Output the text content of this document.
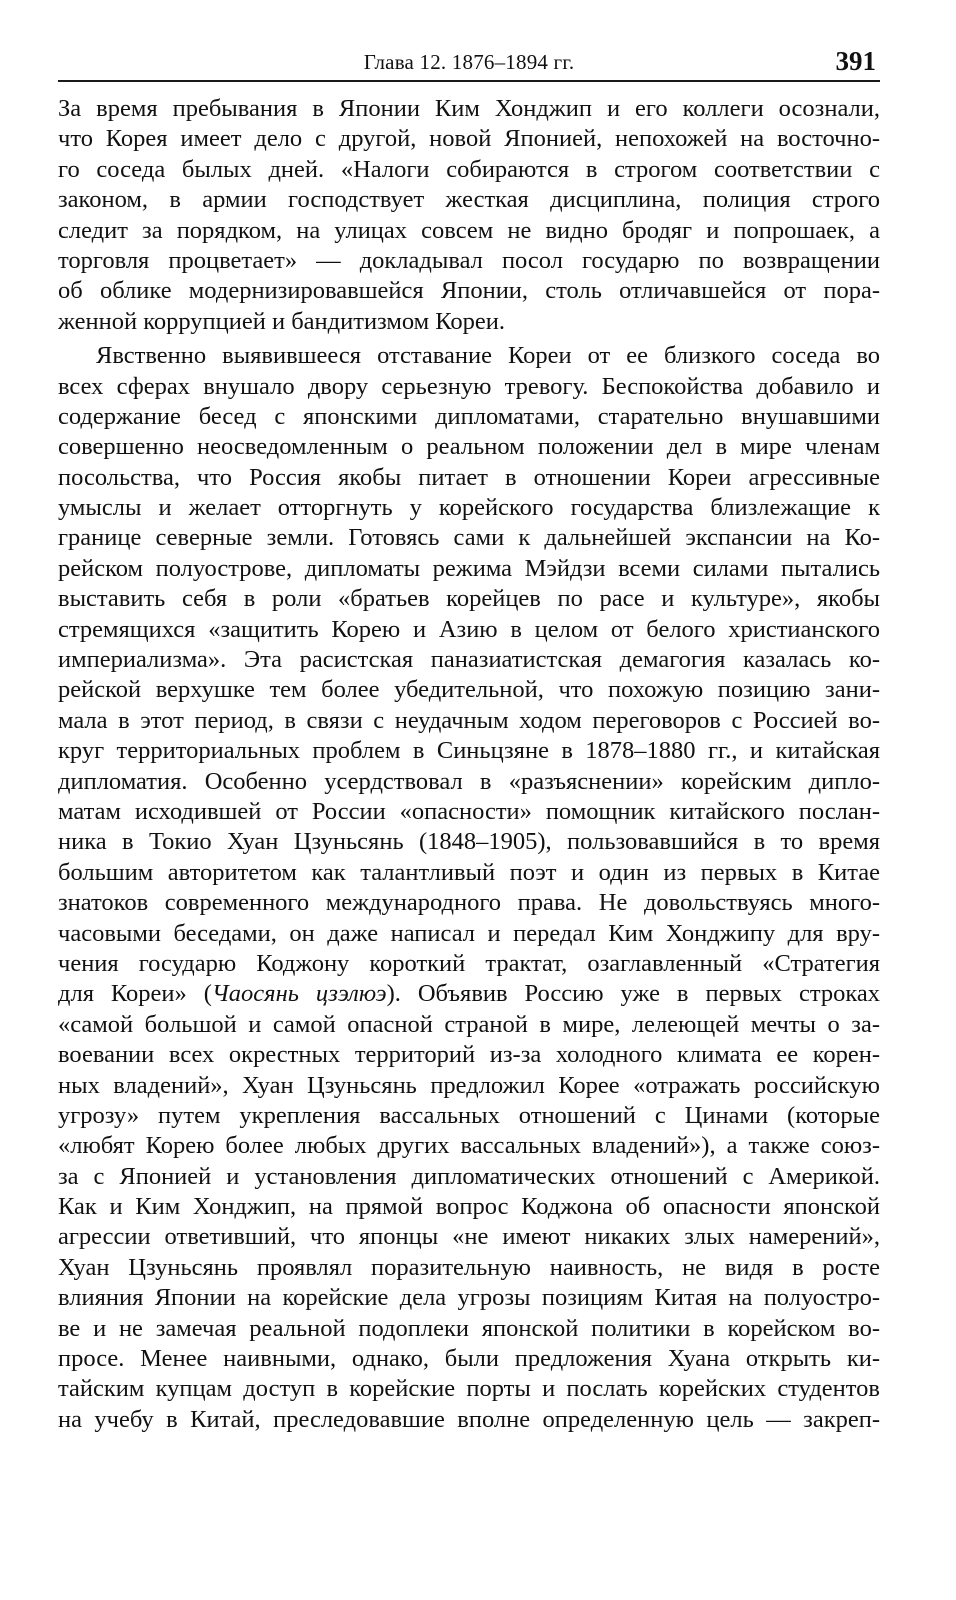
Глава 12. 1876–1894 гг.	391

За время пребывания в Японии Ким Хонджип и его коллеги осознали,
что Корея имеет дело с другой, новой Японией, непохожей на восточно-
го соседа былых дней. «Налоги собираются в строгом соответствии с
законом, в армии господствует жесткая дисциплина, полиция строго
следит за порядком, на улицах совсем не видно бродяг и попрошаек, а
торговля процветает» — докладывал посол государю по возвращении
об облике модернизировавшейся Японии, столь отличавшейся от пора-
женной коррупцией и бандитизмом Кореи.

Явственно выявившееся отставание Кореи от ее близкого соседа во
всех сферах внушало двору серьезную тревогу. Беспокойства добавило и
содержание бесед с японскими дипломатами, старательно внушавшими
совершенно неосведомленным о реальном положении дел в мире членам
посольства, что Россия якобы питает в отношении Кореи агрессивные
умыслы и желает отторгнуть у корейского государства близлежащие к
границе северные земли. Готовясь сами к дальнейшей экспансии на Ко-
рейском полуострове, дипломаты режима Мэйдзи всеми силами пытались
выставить себя в роли «братьев корейцев по расе и культуре», якобы
стремящихся «защитить Корею и Азию в целом от белого христианского
империализма». Эта расистская паназиатистская демагогия казалась ко-
рейской верхушке тем более убедительной, что похожую позицию зани-
мала в этот период, в связи с неудачным ходом переговоров с Россией во-
круг территориальных проблем в Синьцзяне в 1878–1880 гг., и китайская
дипломатия. Особенно усердствовал в «разъяснении» корейским дипло-
матам исходившей от России «опасности» помощник китайского послан-
ника в Токио Хуан Цзуньсянь (1848–1905), пользовавшийся в то время
большим авторитетом как талантливый поэт и один из первых в Китае
знатоков современного международного права. Не довольствуясь много-
часовыми беседами, он даже написал и передал Ким Хонджипу для вру-
чения государю Коджону короткий трактат, озаглавленный «Стратегия
для Кореи» (Чаосянь цзэлюэ). Объявив Россию уже в первых строках
«самой большой и самой опасной страной в мире, лелеющей мечты о за-
воевании всех окрестных территорий из-за холодного климата ее корен-
ных владений», Хуан Цзуньсянь предложил Корее «отражать российскую
угрозу» путем укрепления вассальных отношений с Цинами (которые
«любят Корею более любых других вассальных владений»), а также союз-
за с Японией и установления дипломатических отношений с Америкой.
Как и Ким Хонджип, на прямой вопрос Коджона об опасности японской
агрессии ответивший, что японцы «не имеют никаких злых намерений»,
Хуан Цзуньсянь проявлял поразительную наивность, не видя в росте
влияния Японии на корейские дела угрозы позициям Китая на полуостро-
ве и не замечая реальной подоплеки японской политики в корейском во-
просе. Менее наивными, однако, были предложения Хуана открыть ки-
тайским купцам доступ в корейские порты и послать корейских студентов
на учебу в Китай, преследовавшие вполне определенную цель — закреп-
